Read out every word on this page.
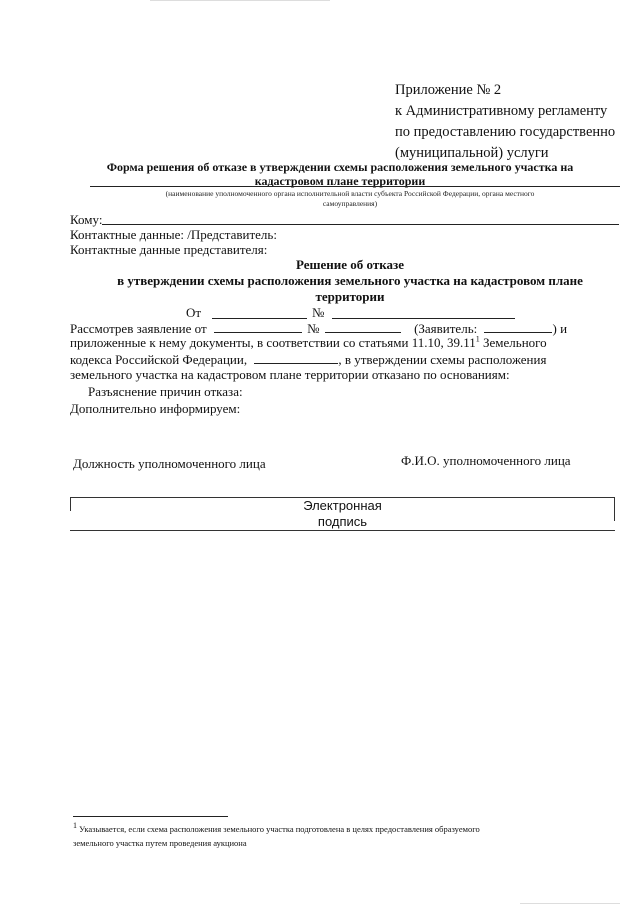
Приложение № 2
к Административному регламенту
по предоставлению государственно
(муниципальной) услуги
Форма решения об отказе в утверждении схемы расположения земельного участка на
кадастровом плане территории
(наименование уполномоченного органа исполнительной власти субъекта Российской Федерации, органа местного
самоуправления)
Кому:
Контактные данные: /Представитель:
Контактные данные представителя:
Решение об отказе
в утверждении схемы расположения земельного участка на кадастровом плане
территории
От	№
Рассмотрев заявление от	№	(Заявитель:	) и
приложенные к нему документы, в соответствии со статьями 11.10, 39.11$^1$ Земельного
кодекса Российской Федерации,	, в утверждении схемы расположения
земельного участка на кадастровом плане территории отказано по основаниям:
Разъяснение причин отказа:
Дополнительно информируем:
Должность уполномоченного лица	Ф.И.О. уполномоченного лица
Электронная
подпись
$^1$ Указывается, если схема расположения земельного участка подготовлена в целях предоставления образуемого
земельного участка путем проведения аукциона
